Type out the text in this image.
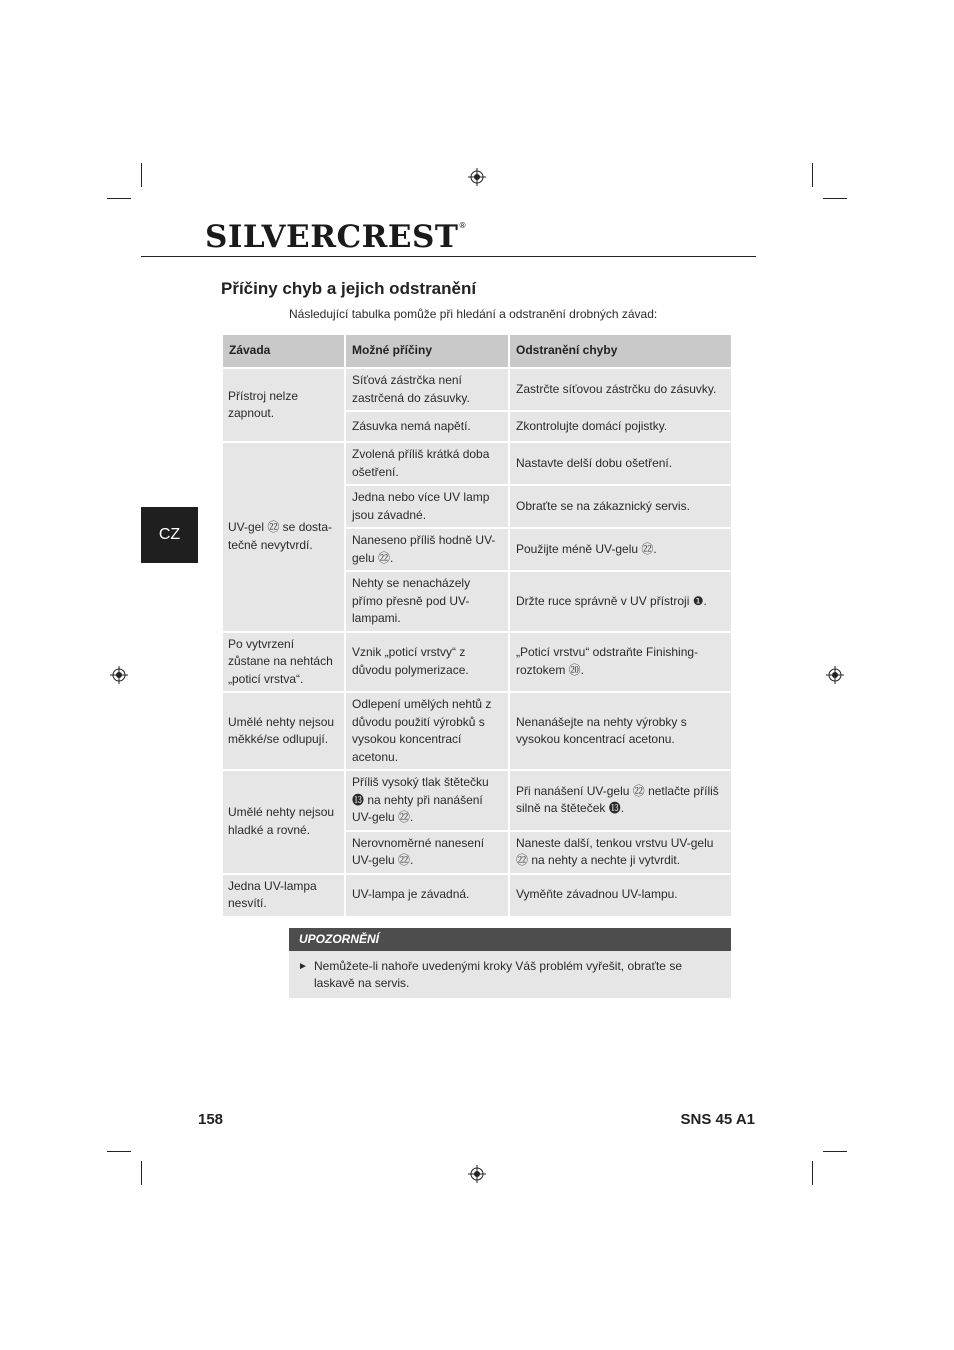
SILVERCREST®
CZ
Příčiny chyb a jejich odstranění
Následující tabulka pomůže při hledání a odstranění drobných závad:
Závada	Možné příčiny	Odstranění chyby
Přístroj nelze zapnout.	Síťová zástrčka není zastrčená do zásuvky.	Zastrčte síťovou zástrčku do zásuvky.
	Zásuvka nemá napětí.	Zkontrolujte domácí pojistky.
UV-gel ㉒ se dosta-tečně nevytvrdí.	Zvolená příliš krátká doba ošetření.	Nastavte delší dobu ošetření.
	Jedna nebo více UV lamp jsou závadné.	Obraťte se na zákaznický servis.
	Naneseno příliš hodně UV-gelu ㉒.	Použijte méně UV-gelu ㉒.
	Nehty se nenacházely přímo přesně pod UV-lampami.	Držte ruce správně v UV přístroji ❶.
Po vytvrzení zůstane na nehtách „poticí vrstva“.	Vznik „poticí vrstvy“ z důvodu polymerizace.	„Poticí vrstvu“ odstraňte Finishing-roztokem ⑳.
Umělé nehty nejsou měkké/se odlupují.	Odlepení umělých nehtů z důvodu použití výrobků s vysokou koncentrací acetonu.	Nenanášejte na nehty výrobky s vysokou koncentrací acetonu.
Umělé nehty nejsou hladké a rovné.	Příliš vysoký tlak štětečku ⓭ na nehty při nanášení UV-gelu ㉒.	Při nanášení UV-gelu ㉒ netlačte příliš silně na štěteček ⓭.
	Nerovnoměrné nanesení UV-gelu ㉒.	Naneste další, tenkou vrstvu UV-gelu ㉒ na nehty a nechte ji vytvrdit.
Jedna UV-lampa nesvítí.	UV-lampa je závadná.	Vyměňte závadnou UV-lampu.
UPOZORNĚNÍ
► Nemůžete-li nahoře uvedenými kroky Váš problém vyřešit, obraťte se laskavě na servis.
158	SNS 45 A1
